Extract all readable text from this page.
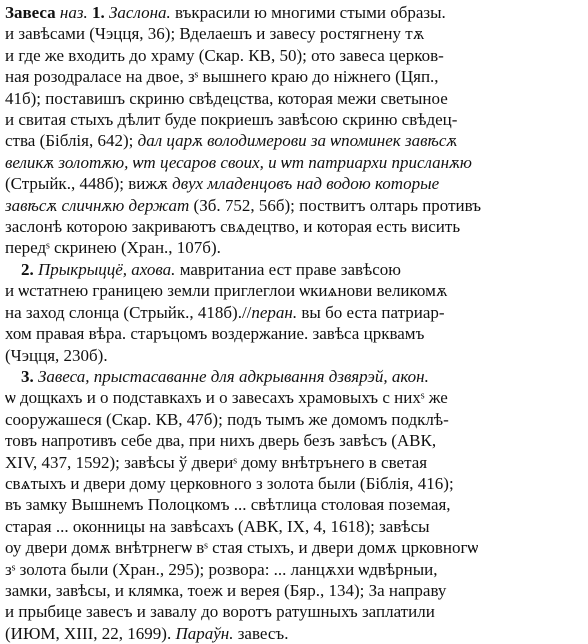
Завеса наз. 1. Заслона. въкрасили ю многими стыми образы.
и завѣсами (Чэцця, 36); Вделаешъ и завесу ростягнену тѫ
и где же входить до храму (Скар. КВ, 50); ото завеса церков-
ная розодраласе на двое, зˢ вышнего краю до ніжнего (Цяп.,
41б); поставишъ скриню свѣдецства, которая межи светыное
и свитая стыхъ дѣлит буде покриешъ завѣсою скриню свѣдец-
ства (Біблія, 642); дал царѫ володимерови за ѡпоминек завѣсѫ
великѫ золотѫю, ѡт цесаров своих, и ѡт патриархи присланѫю
(Стрыйк., 448б); вижѫ двух младенцовъ над водою которые
завѣсѫ сличнѫю держат (Зб. 752, 56б); поствитъ олтарь противъ
заслонѣ которою закриваютъ свѧдецтво, и которая есть висить
передˢ скринею (Хран., 107б).
2. Прыкрыццё, ахова. мавританиа ест праве завѣсою
и ѡстатнею границею земли приглеглои ѡкиѧнови великомѫ
на заход слонца (Стрыйк., 418б).//перан. вы бо еста патриар-
хом правая вѣра. старъцомъ воздержание. завѣса црквамъ
(Чэцця, 230б).
3. Завеса, прыстасаванне для адкрывання дзвярэй, акон.
ѡ дощкахъ и о подставкахъ и о завесахъ храмовыхъ с нихˢ же
сооружашеся (Скар. КВ, 47б); подъ тымъ же домомъ подклѣ-
товъ напротивъ себе два, при нихъ дверь безъ завѣсъ (АВК,
XIV, 437, 1592); завѣсы ў двериˢ дому внѣтрънего в светая
свѧтыхъ и двери дому церковного з золота были (Біблія, 416);
въ замку Вышнемъ Полоцкомъ ... свѣтлица столовая поземая,
старая ... оконницы на завѣсахъ (АВК, IX, 4, 1618); завѣсы
оу двери домѫ внѣтрнегѡ вˢ стая стыхъ, и двери домѫ црковногѡ
зˢ золота были (Хран., 295); розвора: ... ланцѫхи ѡдвѣрныи,
замки, завѣсы, и клямка, тоеж и верея (Бяр., 134); За направу
и прыбице завесъ и завалу до воротъ ратушныхъ заплатили
(ИЮМ, XIII, 22, 1699). Параўн. завесъ.
